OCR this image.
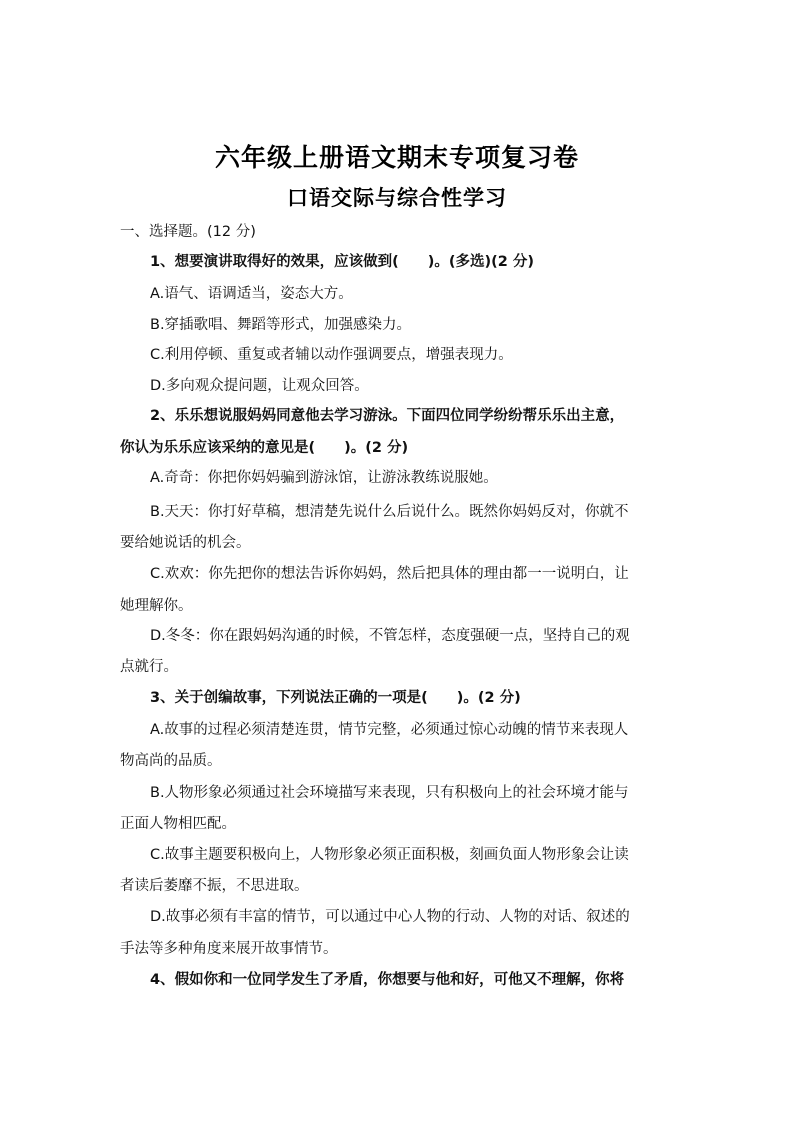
六年级上册语文期末专项复习卷
口语交际与综合性学习
一、选择题。(12 分)
1、想要演讲取得好的效果，应该做到(　　)。(多选)(2 分)
A.语气、语调适当，姿态大方。
B.穿插歌唱、舞蹈等形式，加强感染力。
C.利用停顿、重复或者辅以动作强调要点，增强表现力。
D.多向观众提问题，让观众回答。
2、乐乐想说服妈妈同意他去学习游泳。下面四位同学纷纷帮乐乐出主意，
你认为乐乐应该采纳的意见是(　　)。(2 分)
A.奇奇：你把你妈妈骗到游泳馆，让游泳教练说服她。
B.天天：你打好草稿，想清楚先说什么后说什么。既然你妈妈反对，你就不
要给她说话的机会。
C.欢欢：你先把你的想法告诉你妈妈，然后把具体的理由都一一说明白，让
她理解你。
D.冬冬：你在跟妈妈沟通的时候，不管怎样，态度强硬一点，坚持自己的观
点就行。
3、关于创编故事，下列说法正确的一项是(　　)。(2 分)
A.故事的过程必须清楚连贯，情节完整，必须通过惊心动魄的情节来表现人
物高尚的品质。
B.人物形象必须通过社会环境描写来表现，只有积极向上的社会环境才能与
正面人物相匹配。
C.故事主题要积极向上，人物形象必须正面积极，刻画负面人物形象会让读
者读后萎靡不振，不思进取。
D.故事必须有丰富的情节，可以通过中心人物的行动、人物的对话、叙述的
手法等多种角度来展开故事情节。
4、假如你和一位同学发生了矛盾，你想要与他和好，可他又不理解，你将
